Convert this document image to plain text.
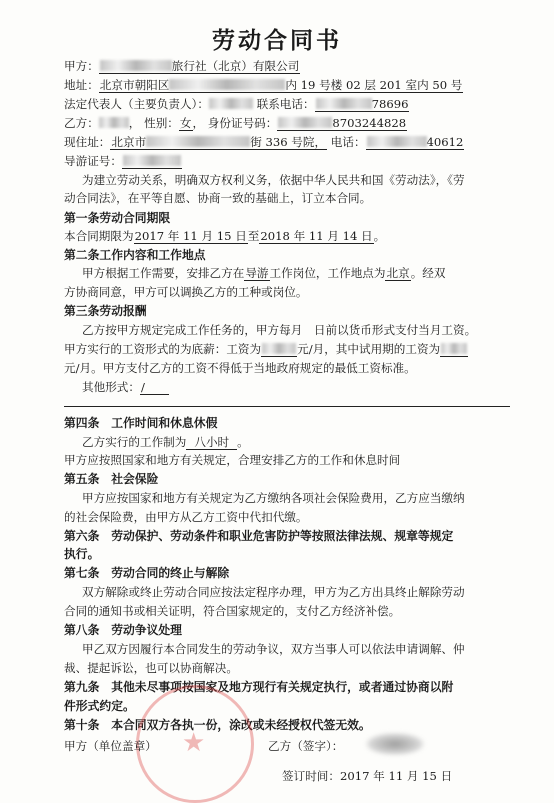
劳动合同书
甲方：	旅行社（北京）有限公司
地址：北京市朝阳区	内 19 号楼 02 层 201 室内 50 号
法定代表人（主要负责人）：	联系电话：	78696
乙方：	， 性别：女， 身份证号码：	8703244828
现住址：北京市	街 336 号院， 电话：	40612
导游证号：
为建立劳动关系，明确双方权利义务，依据中华人民共和国《劳动法》，《劳
动合同法》，在平等自愿、协商一致的基础上，订立本合同。
第一条劳动合同期限
本合同期限为2017 年 11 月 15 日至2018 年 11 月 14 日。
第二条工作内容和工作地点
甲方根据工作需要，安排乙方在导游工作岗位，工作地点为北京。经双
方协商同意，甲方可以调换乙方的工种或岗位。
第三条劳动报酬
乙方按甲方规定完成工作任务的，甲方每月　日前以货币形式支付当月工资。
甲方实行的工资形式的为底薪：工资为	元/月，其中试用期的工资为
元/月。甲方支付乙方的工资不得低于当地政府规定的最低工资标准。
其他形式：/
第四条　工作时间和休息休假
乙方实行的工作制为 八小时 。
甲方应按照国家和地方有关规定，合理安排乙方的工作和休息时间
第五条　社会保险
甲方应按国家和地方有关规定为乙方缴纳各项社会保险费用，乙方应当缴纳
的社会保险费，由甲方从乙方工资中代扣代缴。
第六条　劳动保护、劳动条件和职业危害防护等按照法律法规、规章等规定
执行。
第七条　劳动合同的终止与解除
双方解除或终止劳动合同应按法定程序办理，甲方为乙方出具终止解除劳动
合同的通知书或相关证明，符合国家规定的，支付乙方经济补偿。
第八条　劳动争议处理
甲乙双方因履行本合同发生的劳动争议，双方当事人可以依法申请调解、仲
裁、提起诉讼，也可以协商解决。
第九条　其他未尽事项按国家及地方现行有关规定执行，或者通过协商以附
件形式约定。
第十条　本合同双方各执一份，涂改或未经授权代签无效。
★
甲方（单位盖章）	乙方（签字）：
签订时间：2017 年 11 月 15 日
